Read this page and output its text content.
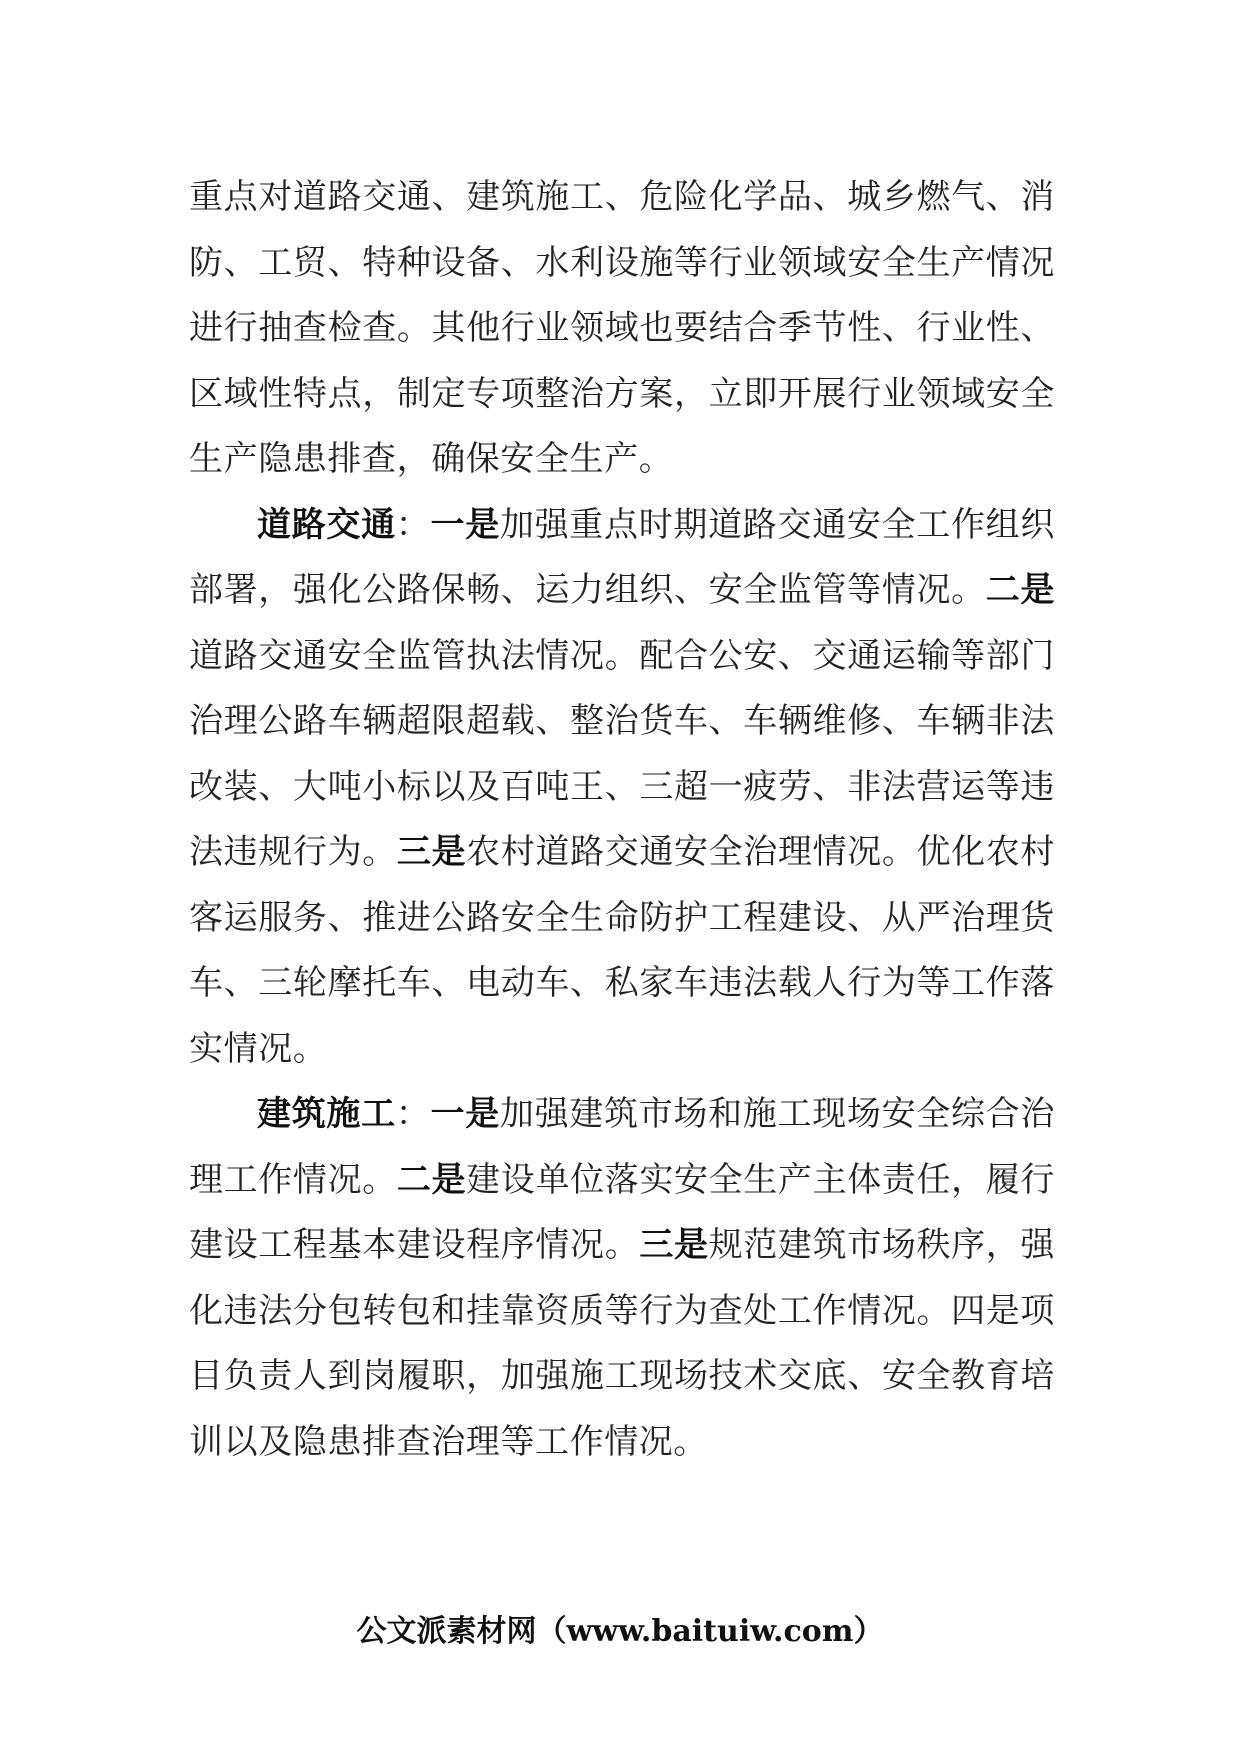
重点对道路交通、建筑施工、危险化学品、城乡燃气、消防、工贸、特种设备、水利设施等行业领域安全生产情况进行抽查检查。其他行业领域也要结合季节性、行业性、区域性特点，制定专项整治方案，立即开展行业领域安全生产隐患排查，确保安全生产。

道路交通：一是加强重点时期道路交通安全工作组织部署，强化公路保畅、运力组织、安全监管等情况。二是道路交通安全监管执法情况。配合公安、交通运输等部门治理公路车辆超限超载、整治货车、车辆维修、车辆非法改装、大吨小标以及百吨王、三超一疲劳、非法营运等违法违规行为。三是农村道路交通安全治理情况。优化农村客运服务、推进公路安全生命防护工程建设、从严治理货车、三轮摩托车、电动车、私家车违法载人行为等工作落实情况。

建筑施工：一是加强建筑市场和施工现场安全综合治理工作情况。二是建设单位落实安全生产主体责任，履行建设工程基本建设程序情况。三是规范建筑市场秩序，强化违法分包转包和挂靠资质等行为查处工作情况。四是项目负责人到岗履职，加强施工现场技术交底、安全教育培训以及隐患排查治理等工作情况。

公文派素材网（www.baituiw.com）
